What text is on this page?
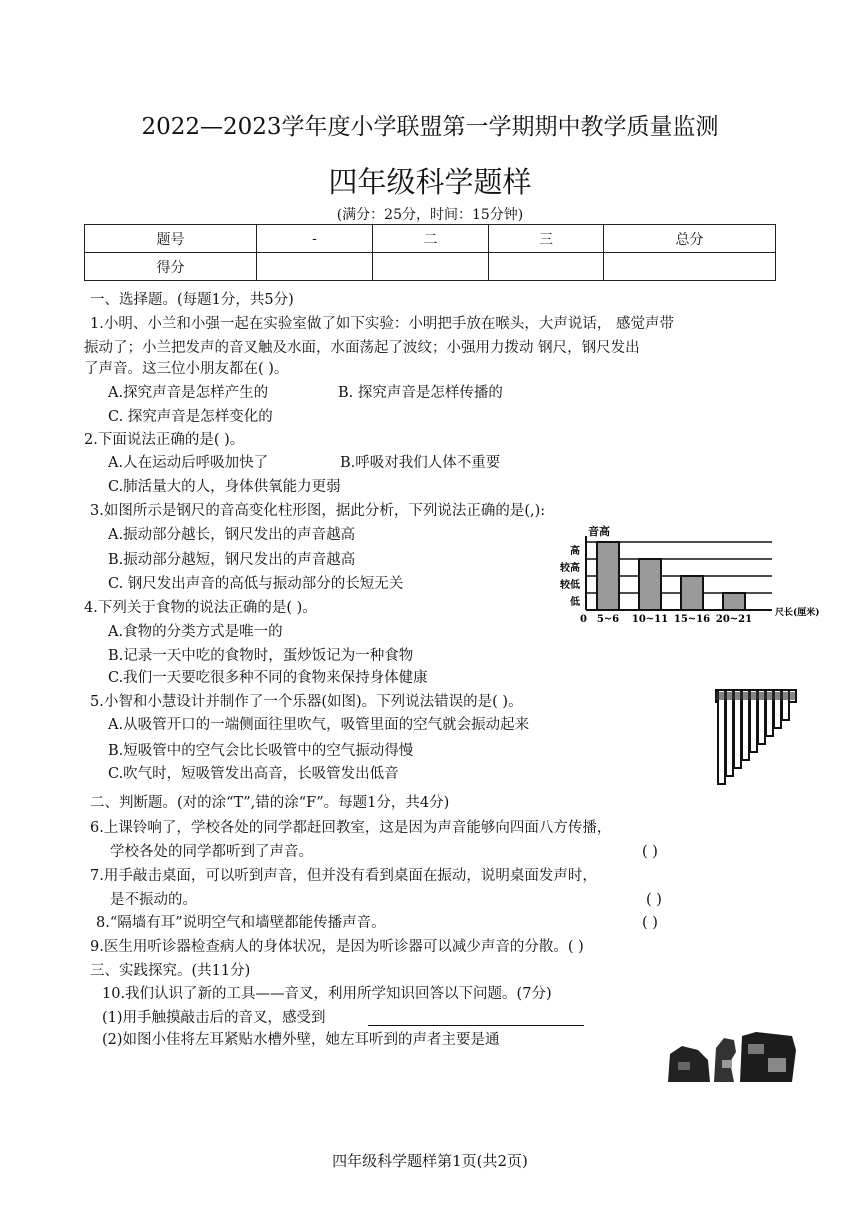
2022—2023学年度小学联盟第一学期期中教学质量监测
四年级科学题样
(满分：25分，时间：15分钟)
题号	-	二	三	总分
得分				
一、选择题。(每题1分，共5分)
1.小明、小兰和小强一起在实验室做了如下实验：小明把手放在喉头，大声说话， 感觉声带
振动了；小兰把发声的音叉触及水面，水面荡起了波纹；小强用力拨动 钢尺，钢尺发出
了声音。这三位小朋友都在( )。
A.探究声音是怎样产生的	B. 探究声音是怎样传播的
C. 探究声音是怎样变化的
2.下面说法正确的是( )。
A.人在运动后呼吸加快了	B.呼吸对我们人体不重要
C.肺活量大的人，身体供氧能力更弱
3.如图所示是钢尺的音高变化柱形图，据此分析，下列说法正确的是(,):
A.振动部分越长，钢尺发出的声音越高
B.振动部分越短，钢尺发出的声音越高
C. 钢尺发出声音的高低与振动部分的长短无关
高
较高
较低
低
5~6 10~11 15~16 20~21
音高
0
尺长(厘米)
4.下列关于食物的说法正确的是( )。
A.食物的分类方式是唯一的
B.记录一天中吃的食物时，蛋炒饭记为一种食物
C.我们一天要吃很多种不同的食物来保持身体健康
5.小智和小慧设计并制作了一个乐器(如图)。下列说法错误的是( )。
A.从吸管开口的一端侧面往里吹气，吸管里面的空气就会振动起来
B.短吸管中的空气会比长吸管中的空气振动得慢
C.吹气时，短吸管发出高音，长吸管发出低音
二、判断题。(对的涂“T”,错的涂“F”。每题1分，共4分)
6.上课铃响了，学校各处的同学都赶回教室，这是因为声音能够向四面八方传播，
学校各处的同学都听到了声音。	( )
7.用手敲击桌面，可以听到声音，但并没有看到桌面在振动，说明桌面发声时，
是不振动的。	( )
8.“隔墙有耳”说明空气和墙壁都能传播声音。	( )
9.医生用听诊器检查病人的身体状况，是因为听诊器可以减少声音的分散。( )
三、实践探究。(共11分)
10.我们认识了新的工具——音叉，利用所学知识回答以下问题。(7分)
(1)用手触摸敲击后的音叉，感受到
(2)如图小佳将左耳紧贴水槽外壁，她左耳听到的声者主要是通
四年级科学题样第1页(共2页)
